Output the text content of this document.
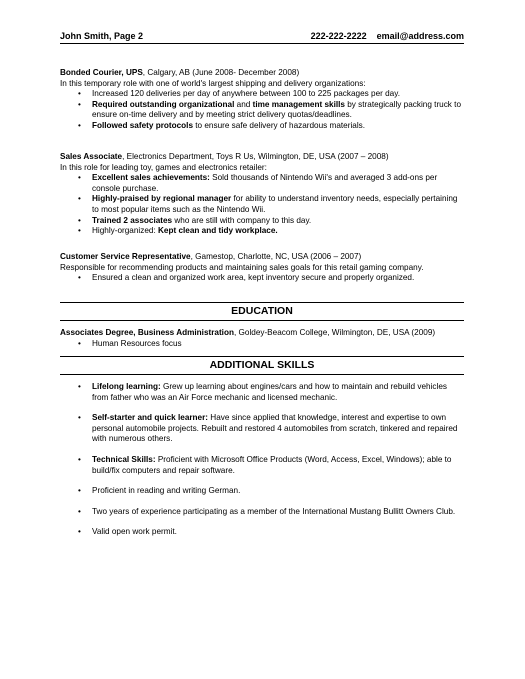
John Smith, Page 2	222-222-2222 email@address.com
Bonded Courier, UPS, Calgary, AB (June 2008- December 2008)
In this temporary role with one of world's largest shipping and delivery organizations:
• Increased 120 deliveries per day of anywhere between 100 to 225 packages per day.
• Required outstanding organizational and time management skills by strategically packing truck to ensure on-time delivery and by meeting strict delivery quotas/deadlines.
• Followed safety protocols to ensure safe delivery of hazardous materials.
Sales Associate, Electronics Department, Toys R Us, Wilmington, DE, USA (2007 – 2008)
In this role for leading toy, games and electronics retailer:
• Excellent sales achievements: Sold thousands of Nintendo Wii's and averaged 3 add-ons per console purchase.
• Highly-praised by regional manager for ability to understand inventory needs, especially pertaining to most popular items such as the Nintendo Wii.
• Trained 2 associates who are still with company to this day.
• Highly-organized: Kept clean and tidy workplace.
Customer Service Representative, Gamestop, Charlotte, NC, USA (2006 – 2007)
Responsible for recommending products and maintaining sales goals for this retail gaming company.
• Ensured a clean and organized work area, kept inventory secure and properly organized.
EDUCATION
Associates Degree, Business Administration, Goldey-Beacom College, Wilmington, DE, USA (2009)
• Human Resources focus
ADDITIONAL SKILLS
• Lifelong learning: Grew up learning about engines/cars and how to maintain and rebuild vehicles from father who was an Air Force mechanic and licensed mechanic.
• Self-starter and quick learner: Have since applied that knowledge, interest and expertise to own personal automobile projects. Rebuilt and restored 4 automobiles from scratch, tinkered and repaired with numerous others.
• Technical Skills: Proficient with Microsoft Office Products (Word, Access, Excel, Windows); able to build/fix computers and repair software.
• Proficient in reading and writing German.
• Two years of experience participating as a member of the International Mustang Bullitt Owners Club.
• Valid open work permit.
